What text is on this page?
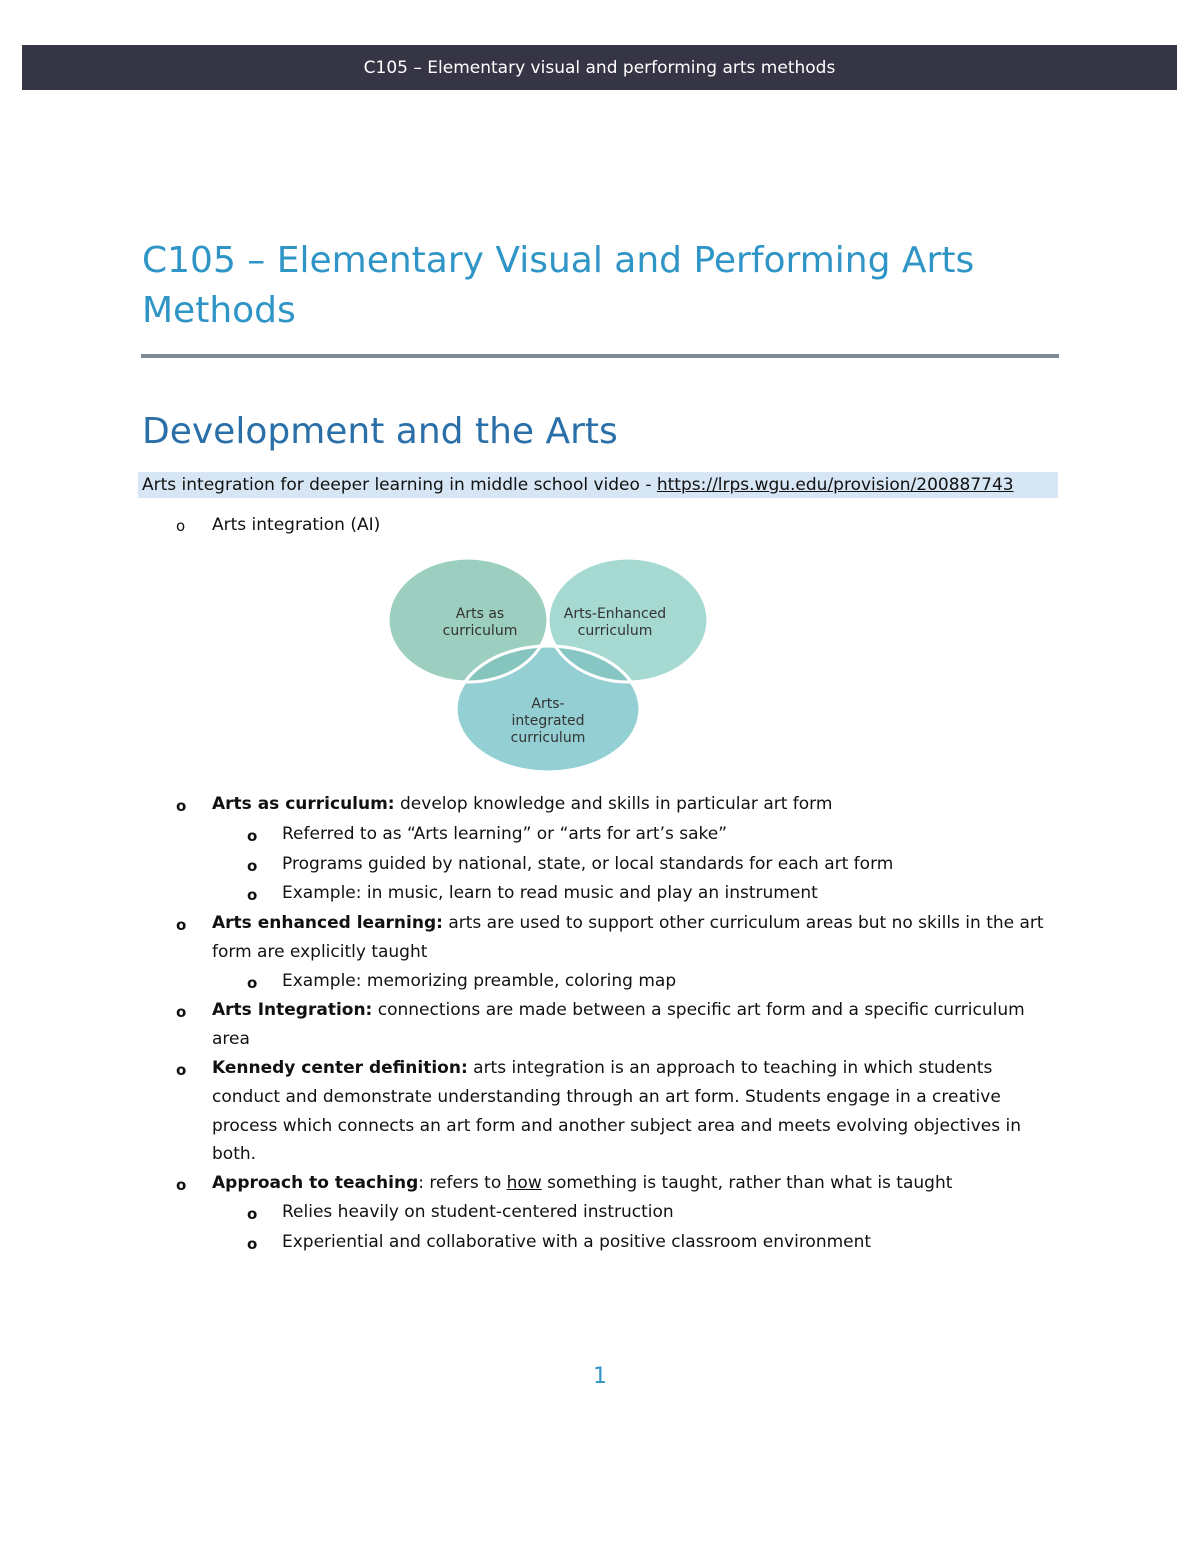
C105 – Elementary visual and performing arts methods
C105 – Elementary Visual and Performing Arts
Methods
Development and the Arts
Arts integration for deeper learning in middle school video - https://lrps.wgu.edu/provision/200887743
o Arts integration (AI)
Arts as
curriculum
Arts-Enhanced
curriculum
Arts-
integrated
curriculum
o Arts as curriculum: develop knowledge and skills in particular art form
o Referred to as “Arts learning” or “arts for art’s sake”
o Programs guided by national, state, or local standards for each art form
o Example: in music, learn to read music and play an instrument
o Arts enhanced learning: arts are used to support other curriculum areas but no skills in the art
form are explicitly taught
o Example: memorizing preamble, coloring map
o Arts Integration: connections are made between a specific art form and a specific curriculum
area
o Kennedy center definition: arts integration is an approach to teaching in which students
conduct and demonstrate understanding through an art form. Students engage in a creative
process which connects an art form and another subject area and meets evolving objectives in
both.
o Approach to teaching: refers to how something is taught, rather than what is taught
o Relies heavily on student-centered instruction
o Experiential and collaborative with a positive classroom environment
1
